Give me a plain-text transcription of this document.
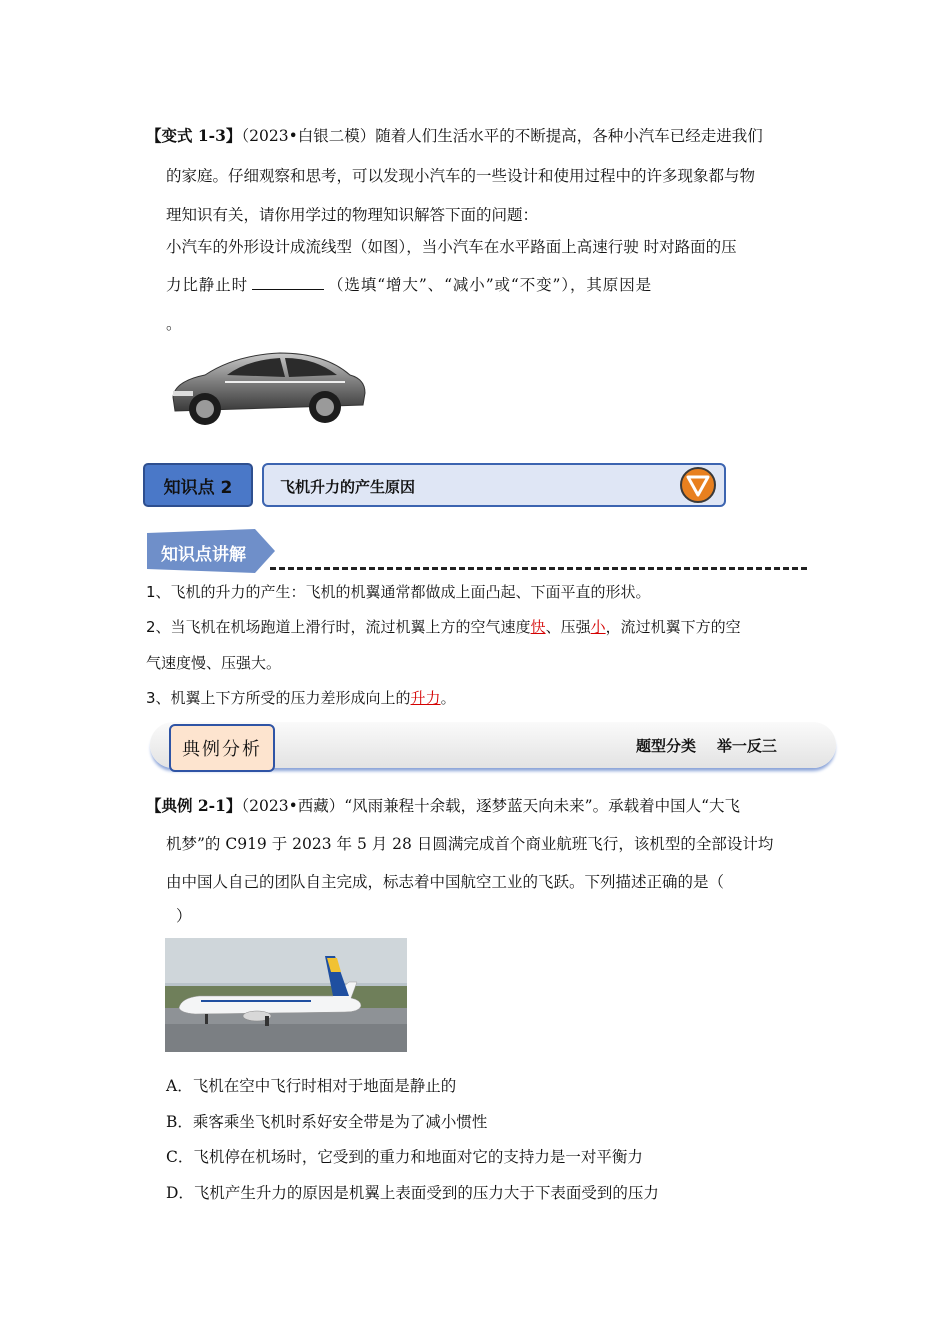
【变式 1-3】（2023•白银二模）随着人们生活水平的不断提高，各种小汽车已经走进我们
的家庭。仔细观察和思考，可以发现小汽车的一些设计和使用过程中的许多现象都与物
理知识有关，请你用学过的物理知识解答下面的问题：
小汽车的外形设计成流线型（如图），当小汽车在水平路面上高速行驶 时对路面的压
力比静止时	（选填“增大”、“减小”或“不变”），其原因是
。
知识点 2	飞机升力的产生原因
知识点讲解
1、飞机的升力的产生：飞机的机翼通常都做成上面凸起、下面平直的形状。
2、当飞机在机场跑道上滑行时，流过机翼上方的空气速度快、压强小，流过机翼下方的空
气速度慢、压强大。
3、机翼上下方所受的压力差形成向上的升力。
典例分析	题型分类    举一反三
【典例 2-1】（2023•西藏）“风雨兼程十余载，逐梦蓝天向未来”。承载着中国人“大飞
机梦”的 C919 于 2023 年 5 月 28 日圆满完成首个商业航班飞行，该机型的全部设计均
由中国人自己的团队自主完成，标志着中国航空工业的飞跃。下列描述正确的是（
）
A．飞机在空中飞行时相对于地面是静止的
B．乘客乘坐飞机时系好安全带是为了减小惯性
C．飞机停在机场时，它受到的重力和地面对它的支持力是一对平衡力
D．飞机产生升力的原因是机翼上表面受到的压力大于下表面受到的压力
